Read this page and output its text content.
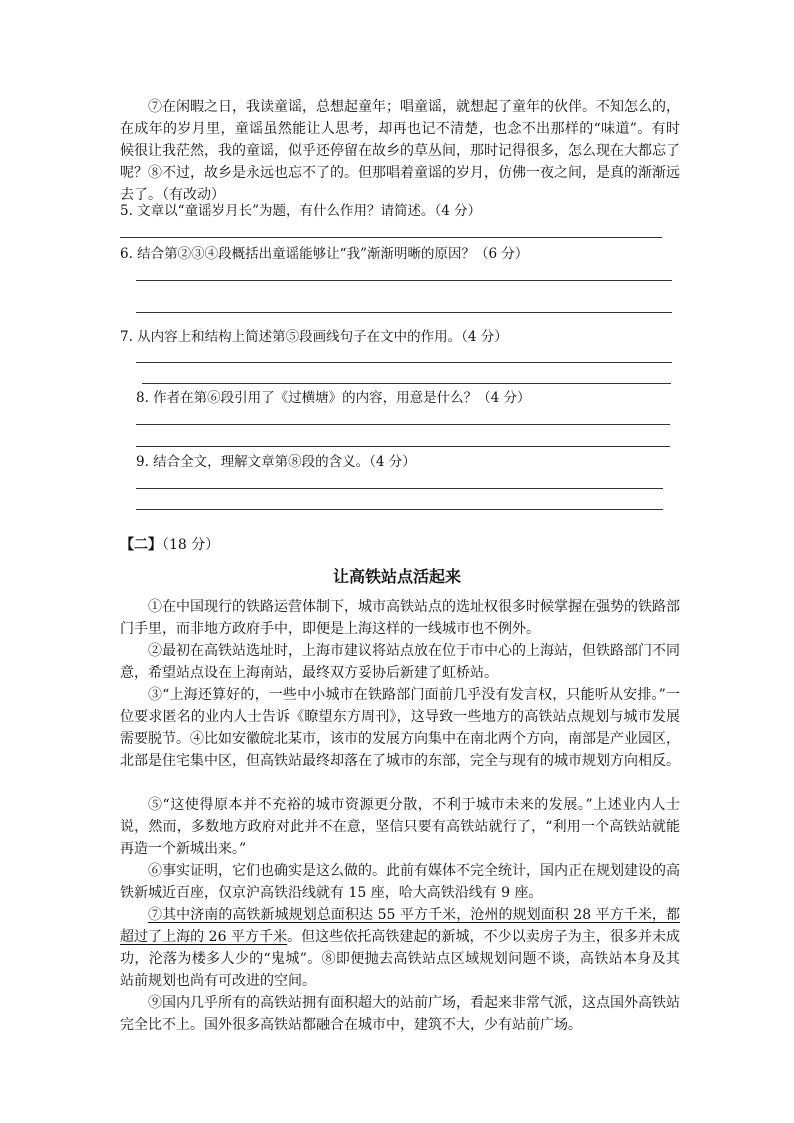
⑦在闲暇之日，我读童谣，总想起童年；唱童谣，就想起了童年的伙伴。不知怎么的，在成年的岁月里，童谣虽然能让人思考，却再也记不清楚，也念不出那样的“味道”。有时候很让我茫然，我的童谣，似乎还停留在故乡的草丛间，那时记得很多，怎么现在大都忘了呢？⑧不过，故乡是永远也忘不了的。但那唱着童谣的岁月，仿佛一夜之间，是真的渐渐远去了。（有改动）

5. 文章以“童谣岁月长”为题，有什么作用？请简述。（4 分）
6. 结合第②③④段概括出童谣能够让“我”渐渐明晰的原因？（6 分）
7. 从内容上和结构上简述第⑤段画线句子在文中的作用。（4 分）
8. 作者在第⑥段引用了《过横塘》的内容，用意是什么？（4 分）
9. 结合全文，理解文章第⑧段的含义。（4 分）
【二】（18 分）
让高铁站点活起来

①在中国现行的铁路运营体制下，城市高铁站点的选址权很多时候掌握在强势的铁路部门手里，而非地方政府手中，即便是上海这样的一线城市也不例外。

②最初在高铁站选址时，上海市建议将站点放在位于市中心的上海站，但铁路部门不同意，希望站点设在上海南站，最终双方妥协后新建了虹桥站。

③“上海还算好的，一些中小城市在铁路部门面前几乎没有发言权，只能听从安排。”一位要求匿名的业内人士告诉《瞭望东方周刊》，这导致一些地方的高铁站点规划与城市发展需要脱节。④比如安徽皖北某市，该市的发展方向集中在南北两个方向，南部是产业园区，北部是住宅集中区，但高铁站最终却落在了城市的东部，完全与现有的城市规划方向相反。

⑤“这使得原本并不充裕的城市资源更分散，不利于城市未来的发展。”上述业内人士说，然而，多数地方政府对此并不在意，坚信只要有高铁站就行了，“利用一个高铁站就能再造一个新城出来。”

⑥事实证明，它们也确实是这么做的。此前有媒体不完全统计，国内正在规划建设的高铁新城近百座，仅京沪高铁沿线就有 15 座，哈大高铁沿线有 9 座。

⑦其中济南的高铁新城规划总面积达 55 平方千米，沧州的规划面积 28 平方千米，都超过了上海的 26 平方千米。但这些依托高铁建起的新城，不少以卖房子为主，很多并未成功，沦落为楼多人少的“鬼城”。⑧即便抛去高铁站点区域规划问题不谈，高铁站本身及其站前规划也尚有可改进的空间。

⑨国内几乎所有的高铁站拥有面积超大的站前广场，看起来非常气派，这点国外高铁站完全比不上。国外很多高铁站都融合在城市中，建筑不大，少有站前广场。
